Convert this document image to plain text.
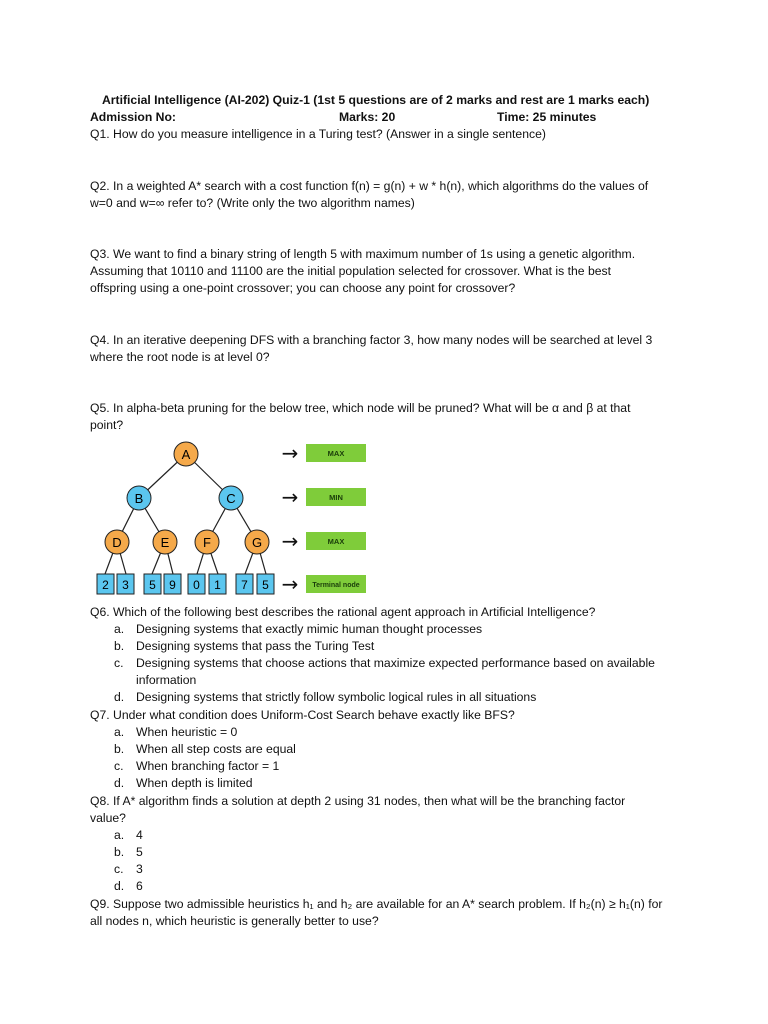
Artificial Intelligence (AI-202) Quiz-1 (1st 5 questions are of 2 marks and rest are 1 marks each)
Admission No:	Marks: 20	Time: 25 minutes
Q1. How do you measure intelligence in a Turing test? (Answer in a single sentence)
Q2. In a weighted A* search with a cost function f(n) = g(n) + w * h(n), which algorithms do the values of
w=0 and w=∞ refer to? (Write only the two algorithm names)
Q3. We want to find a binary string of length 5 with maximum number of 1s using a genetic algorithm.
Assuming that 10110 and 11100 are the initial population selected for crossover. What is the best
offspring using a one-point crossover; you can choose any point for crossover?
Q4. In an iterative deepening DFS with a branching factor 3, how many nodes will be searched at level 3
where the root node is at level 0?
Q5. In alpha-beta pruning for the below tree, which node will be pruned? What will be α and β at that
point?
A
B	C
D	E	F	G
2 3 5 9 0 1 7 5
→
→
→
→
MAX
MIN
MAX
Terminal node
Q6. Which of the following best describes the rational agent approach in Artificial Intelligence?
a. Designing systems that exactly mimic human thought processes
b. Designing systems that pass the Turing Test
c. Designing systems that choose actions that maximize expected performance based on available
information
d. Designing systems that strictly follow symbolic logical rules in all situations
Q7. Under what condition does Uniform-Cost Search behave exactly like BFS?
a. When heuristic = 0
b. When all step costs are equal
c. When branching factor = 1
d. When depth is limited
Q8. If A* algorithm finds a solution at depth 2 using 31 nodes, then what will be the branching factor
value?
a. 4
b. 5
c. 3
d. 6
Q9. Suppose two admissible heuristics h₁ and h₂ are available for an A* search problem. If h₂(n) ≥ h₁(n) for
all nodes n, which heuristic is generally better to use?
